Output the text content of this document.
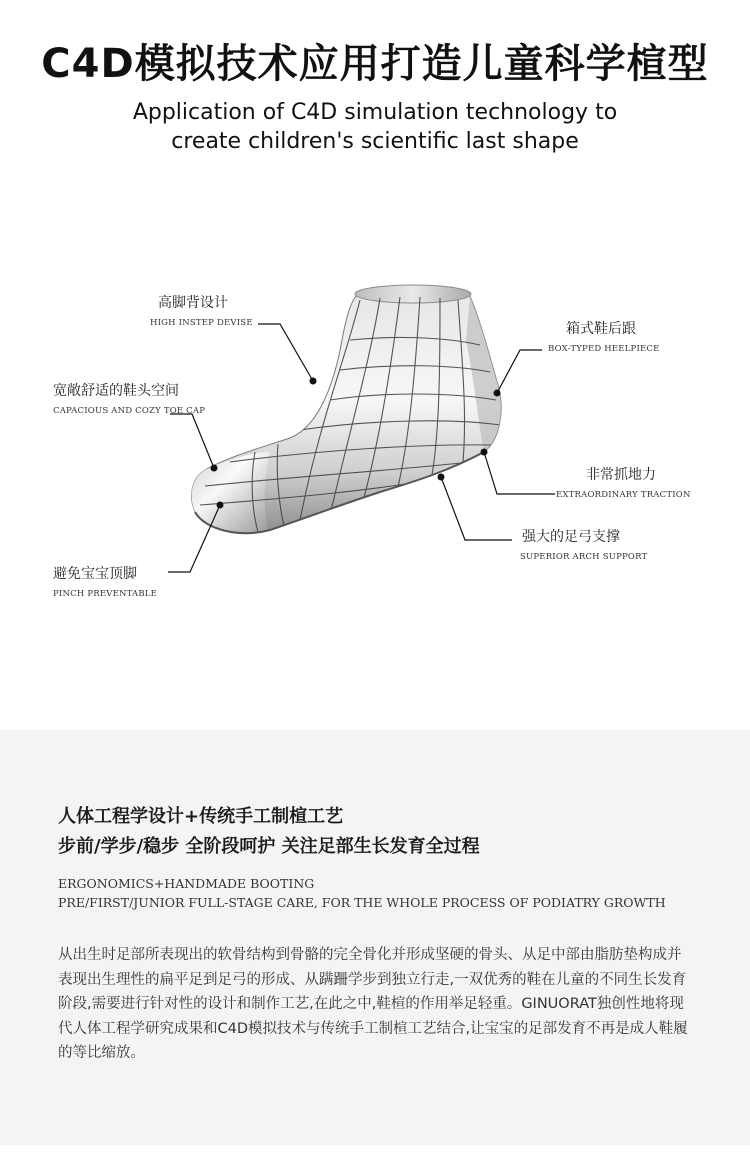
C4D模拟技术应用打造儿童科学楦型
Application of C4D simulation technology to
create children's scientific last shape
高脚背设计
HIGH INSTEP DEVISE
宽敞舒适的鞋头空间
CAPACIOUS AND COZY TOE CAP
避免宝宝顶脚
PINCH PREVENTABLE
箱式鞋后跟
BOX-TYPED HEELPIECE
非常抓地力
EXTRAORDINARY TRACTION
强大的足弓支撑
SUPERIOR ARCH SUPPORT
人体工程学设计+传统手工制楦工艺
步前/学步/稳步 全阶段呵护 关注足部生长发育全过程
ERGONOMICS+HANDMADE BOOTING
PRE/FIRST/JUNIOR FULL-STAGE CARE, FOR THE WHOLE PROCESS OF PODIATRY GROWTH
从出生时足部所表现出的软骨结构到骨骼的完全骨化并形成坚硬的骨头、从足中部由脂肪垫构成并表现出生理性的扁平足到足弓的形成、从蹒跚学步到独立行走,一双优秀的鞋在儿童的不同生长发育阶段,需要进行针对性的设计和制作工艺,在此之中,鞋楦的作用举足轻重。GINUORAT独创性地将现代人体工程学研究成果和C4D模拟技术与传统手工制楦工艺结合,让宝宝的足部发育不再是成人鞋履的等比缩放。
